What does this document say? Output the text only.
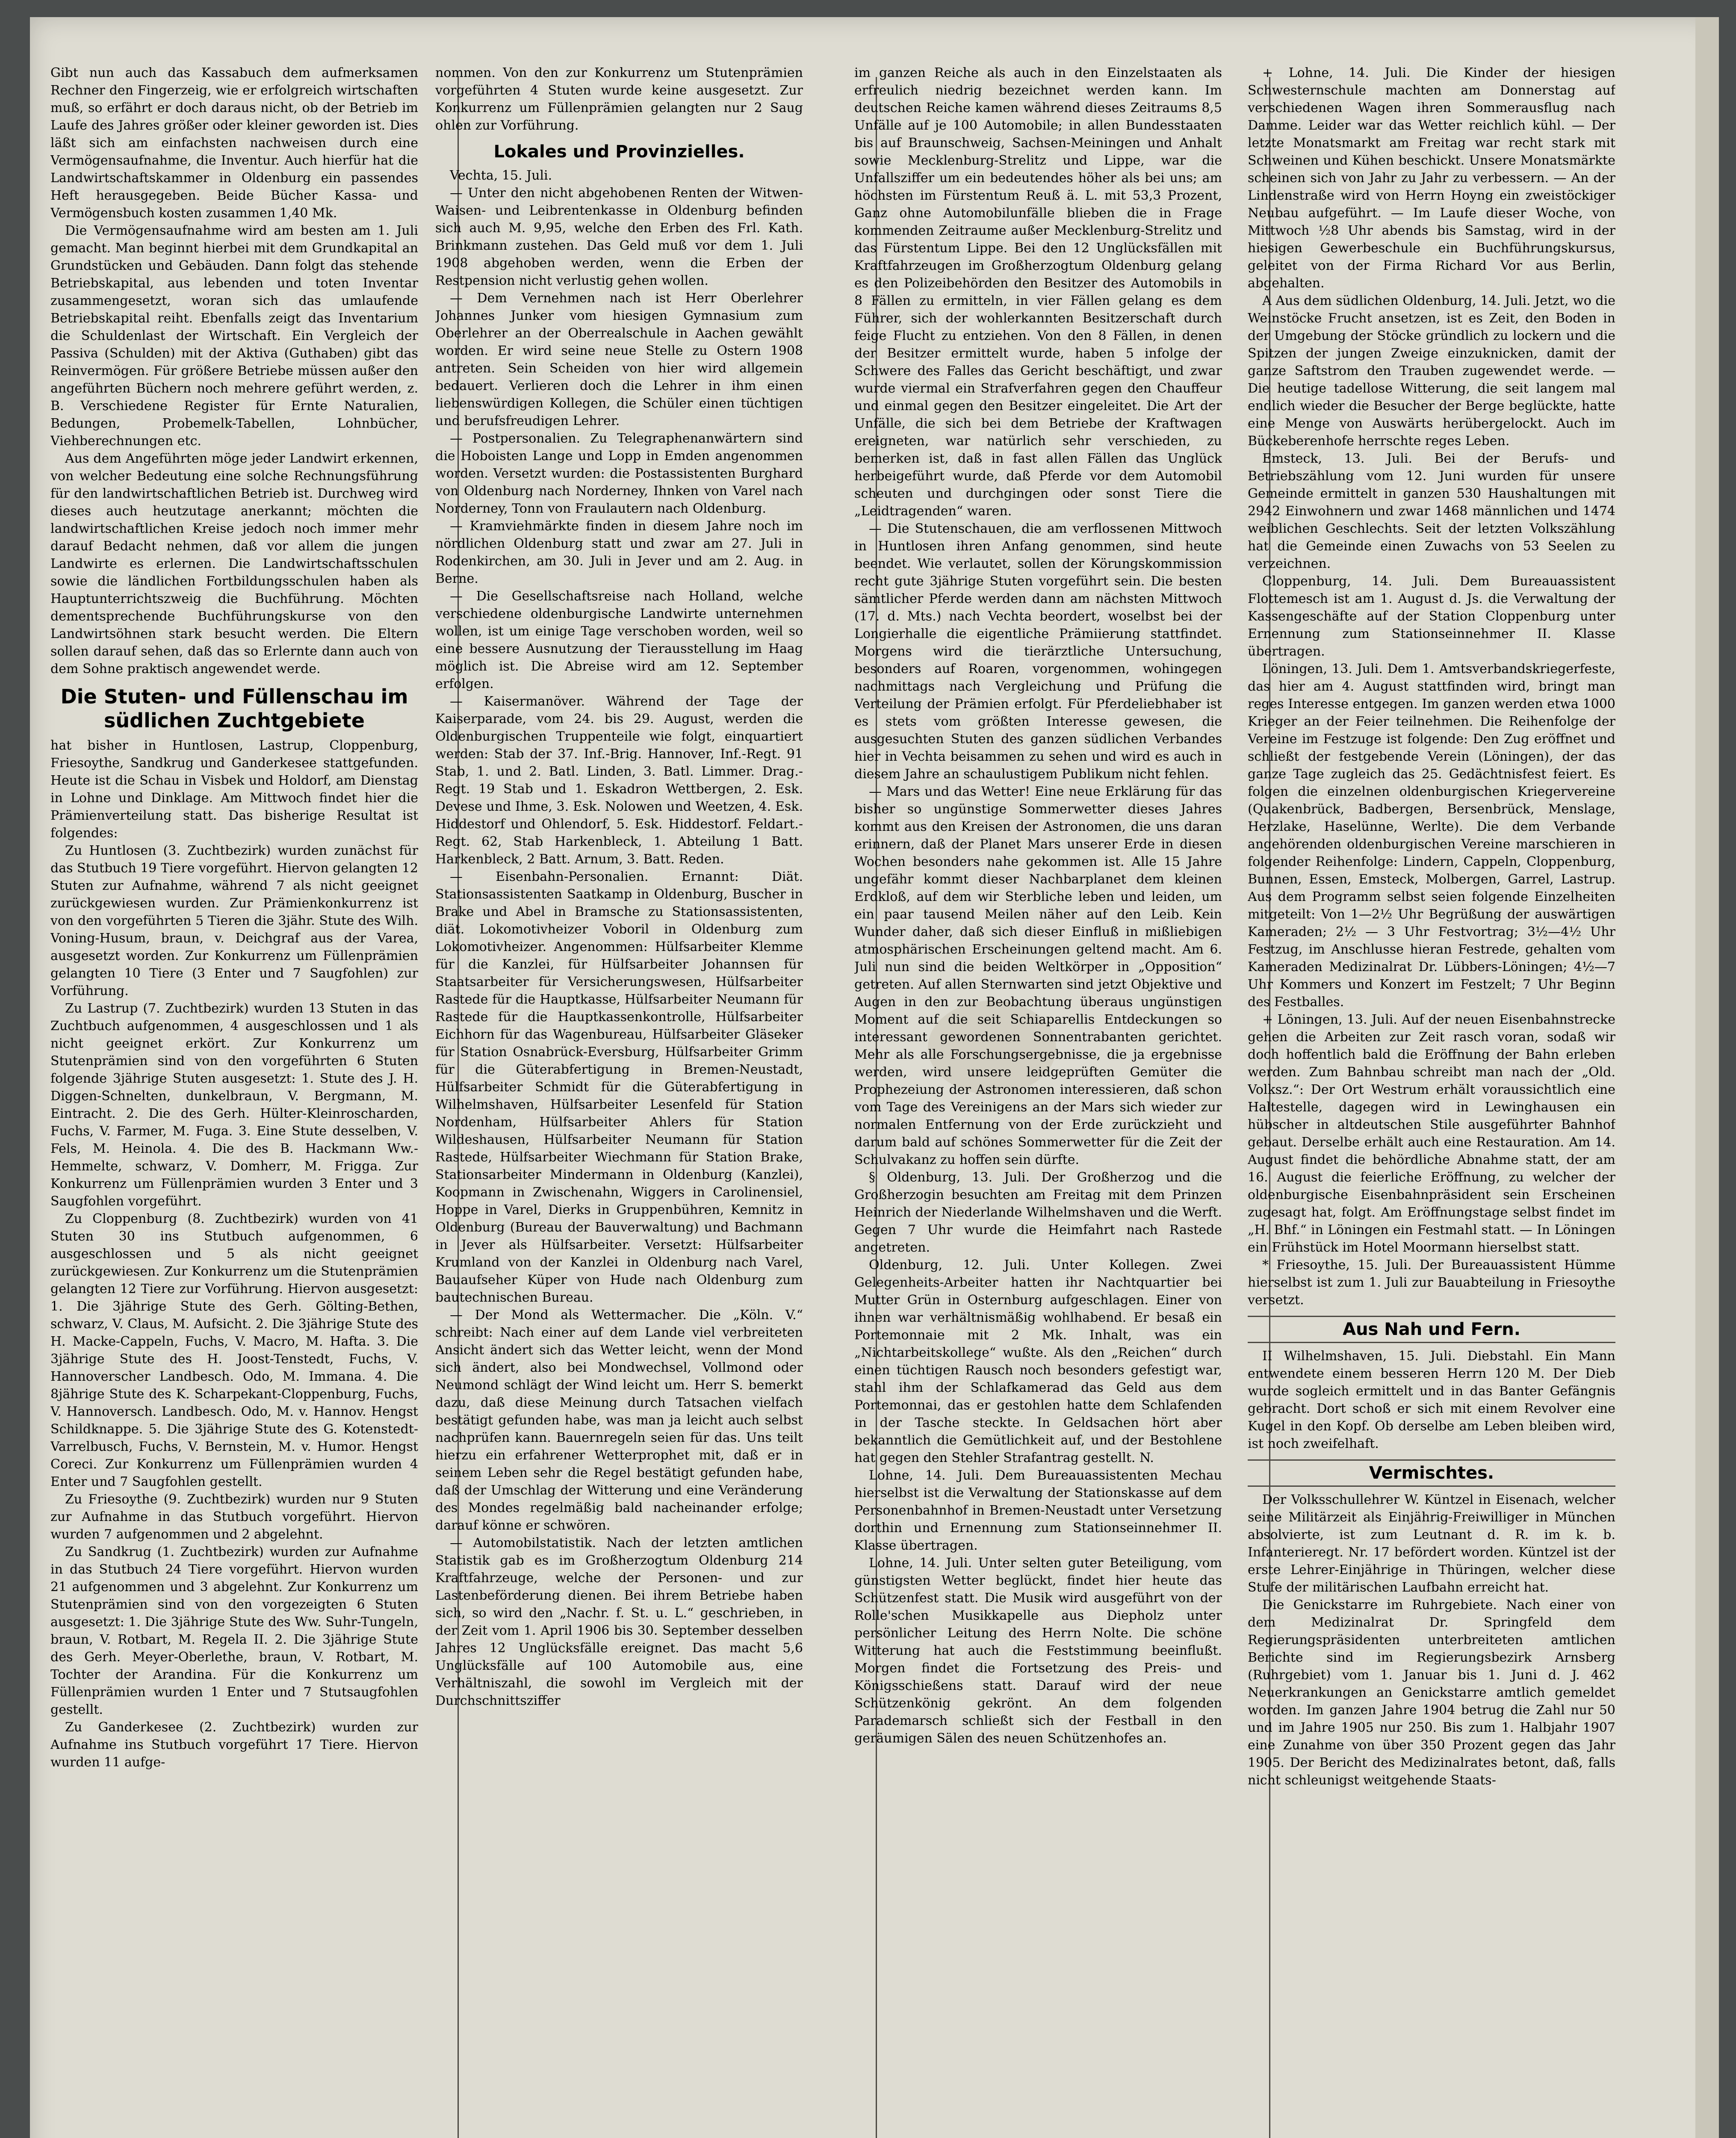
Gibt nun auch das Kassabuch dem aufmerksamen Rechner den Fingerzeig, wie er erfolgreich wirtschaften muß, so erfährt er doch daraus nicht, ob der Betrieb im Laufe des Jahres größer oder kleiner geworden ist. Dies läßt sich am einfachsten nachweisen durch eine Vermögensaufnahme, die Inventur. Auch hierfür hat die Landwirtschaftskammer in Oldenburg ein passendes Heft herausgegeben. Beide Bücher Kassa- und Vermögensbuch kosten zusammen 1,40 Mk.

Die Vermögensaufnahme wird am besten am 1. Juli gemacht. Man beginnt hierbei mit dem Grundkapital an Grundstücken und Gebäuden. Dann folgt das stehende Betriebskapital, aus lebenden und toten Inventar zusammengesetzt, woran sich das umlaufende Betriebskapital reiht. Ebenfalls zeigt das Inventarium die Schuldenlast der Wirtschaft. Ein Vergleich der Passiva (Schulden) mit der Aktiva (Guthaben) gibt das Reinvermögen. Für größere Betriebe müssen außer den angeführten Büchern noch mehrere geführt werden, z. B. Verschiedene Register für Ernte Naturalien, Bedungen, Probemelk-Tabellen, Lohnbücher, Viehberechnungen etc.

Aus dem Angeführten möge jeder Landwirt erkennen, von welcher Bedeutung eine solche Rechnungsführung für den landwirtschaftlichen Betrieb ist. Durchweg wird dieses auch heutzutage anerkannt; möchten die landwirtschaftlichen Kreise jedoch noch immer mehr darauf Bedacht nehmen, daß vor allem die jungen Landwirte es erlernen. Die Landwirtschaftsschulen sowie die ländlichen Fortbildungsschulen haben als Hauptunterrichtszweig die Buchführung. Möchten dementsprechende Buchführungskurse von den Landwirtsöhnen stark besucht werden. Die Eltern sollen darauf sehen, daß das so Erlernte dann auch von dem Sohne praktisch angewendet werde.

Die Stuten- und Füllenschau im südlichen Zuchtgebiete

hat bisher in Huntlosen, Lastrup, Cloppenburg, Friesoythe, Sandkrug und Ganderkesee stattgefunden. Heute ist die Schau in Visbek und Holdorf, am Dienstag in Lohne und Dinklage. Am Mittwoch findet hier die Prämienverteilung statt. Das bisherige Resultat ist folgendes:

Zu Huntlosen (3. Zuchtbezirk) wurden zunächst für das Stutbuch 19 Tiere vorgeführt. Hiervon gelangten 12 Stuten zur Aufnahme, während 7 als nicht geeignet zurückgewiesen wurden. Zur Prämienkonkurrenz ist von den vorgeführten 5 Tieren die 3jähr. Stute des Wilh. Voning-Husum, braun, v. Deichgraf aus der Varea, ausgesetzt worden. Zur Konkurrenz um Füllenprämien gelangten 10 Tiere (3 Enter und 7 Saugfohlen) zur Vorführung.

Zu Lastrup (7. Zuchtbezirk) wurden 13 Stuten in das Zuchtbuch aufgenommen, 4 ausgeschlossen und 1 als nicht geeignet erkört. Zur Konkurrenz um Stutenprämien sind von den vorgeführten 6 Stuten folgende 3jährige Stuten ausgesetzt: 1. Stute des J. H. Diggen-Schnelten, dunkelbraun, V. Bergmann, M. Eintracht. 2. Die des Gerh. Hülter-Kleinroscharden, Fuchs, V. Farmer, M. Fuga. 3. Eine Stute desselben, V. Fels, M. Heinola. 4. Die des B. Hackmann Ww.-Hemmelte, schwarz, V. Domherr, M. Frigga. Zur Konkurrenz um Füllenprämien wurden 3 Enter und 3 Saugfohlen vorgeführt.

Zu Cloppenburg (8. Zuchtbezirk) wurden von 41 Stuten 30 ins Stutbuch aufgenommen, 6 ausgeschlossen und 5 als nicht geeignet zurückgewiesen. Zur Konkurrenz um die Stutenprämien gelangten 12 Tiere zur Vorführung. Hiervon ausgesetzt: 1. Die 3jährige Stute des Gerh. Gölting-Bethen, schwarz, V. Claus, M. Aufsicht. 2. Die 3jährige Stute des H. Macke-Cappeln, Fuchs, V. Macro, M. Hafta. 3. Die 3jährige Stute des H. Joost-Tenstedt, Fuchs, V. Hannoverscher Landbesch. Odo, M. Immana. 4. Die 8jährige Stute des K. Scharpekant-Cloppenburg, Fuchs, V. Hannoversch. Landbesch. Odo, M. v. Hannov. Hengst Schildknappe. 5. Die 3jährige Stute des G. Kotenstedt-Varrelbusch, Fuchs, V. Bernstein, M. v. Humor. Hengst Coreci. Zur Konkurrenz um Füllenprämien wurden 4 Enter und 7 Saugfohlen gestellt.

Zu Friesoythe (9. Zuchtbezirk) wurden nur 9 Stuten zur Aufnahme in das Stutbuch vorgeführt. Hiervon wurden 7 aufgenommen und 2 abgelehnt.

Zu Sandkrug (1. Zuchtbezirk) wurden zur Aufnahme in das Stutbuch 24 Tiere vorgeführt. Hiervon wurden 21 aufgenommen und 3 abgelehnt. Zur Konkurrenz um Stutenprämien sind von den vorgezeigten 6 Stuten ausgesetzt: 1. Die 3jährige Stute des Ww. Suhr-Tungeln, braun, V. Rotbart, M. Regela II. 2. Die 3jährige Stute des Gerh. Meyer-Oberlethe, braun, V. Rotbart, M. Tochter der Arandina. Für die Konkurrenz um Füllenprämien wurden 1 Enter und 7 Stutsaugfohlen gestellt.

Zu Ganderkesee (2. Zuchtbezirk) wurden zur Aufnahme ins Stutbuch vorgeführt 17 Tiere. Hiervon wurden 11 aufge-

nommen. Von den zur Konkurrenz um Stutenprämien vorgeführten 4 Stuten wurde keine ausgesetzt. Zur Konkurrenz um Füllenprämien gelangten nur 2 Saug ohlen zur Vorführung.

Lokales und Provinzielles.

Vechta, 15. Juli.

— Unter den nicht abgehobenen Renten der Witwen-Waisen- und Leibrentenkasse in Oldenburg befinden sich auch M. 9,95, welche den Erben des Frl. Kath. Brinkmann zustehen. Das Geld muß vor dem 1. Juli 1908 abgehoben werden, wenn die Erben der Restpension nicht verlustig gehen wollen.

— Dem Vernehmen nach ist Herr Oberlehrer Johannes Junker vom hiesigen Gymnasium zum Oberlehrer an der Oberrealschule in Aachen gewählt worden. Er wird seine neue Stelle zu Ostern 1908 antreten. Sein Scheiden von hier wird allgemein bedauert. Verlieren doch die Lehrer in ihm einen liebenswürdigen Kollegen, die Schüler einen tüchtigen und berufsfreudigen Lehrer.

— Postpersonalien. Zu Telegraphenanwärtern sind die Hoboisten Lange und Lopp in Emden angenommen worden. Versetzt wurden: die Postassistenten Burghard von Oldenburg nach Norderney, Ihnken von Varel nach Norderney, Tonn von Fraulautern nach Oldenburg.

— Kramviehmärkte finden in diesem Jahre noch im nördlichen Oldenburg statt und zwar am 27. Juli in Rodenkirchen, am 30. Juli in Jever und am 2. Aug. in Berne.

— Die Gesellschaftsreise nach Holland, welche verschiedene oldenburgische Landwirte unternehmen wollen, ist um einige Tage verschoben worden, weil so eine bessere Ausnutzung der Tierausstellung im Haag möglich ist. Die Abreise wird am 12. September erfolgen.

— Kaisermanöver. Während der Tage der Kaiserparade, vom 24. bis 29. August, werden die Oldenburgischen Truppenteile wie folgt, einquartiert werden: Stab der 37. Inf.-Brig. Hannover, Inf.-Regt. 91 Stab, 1. und 2. Batl. Linden, 3. Batl. Limmer. Drag.-Regt. 19 Stab und 1. Eskadron Wettbergen, 2. Esk. Devese und Ihme, 3. Esk. Nolowen und Weetzen, 4. Esk. Hiddestorf und Ohlendorf, 5. Esk. Hiddestorf. Feldart.-Regt. 62, Stab Harkenbleck, 1. Abteilung 1 Batt. Harkenbleck, 2 Batt. Arnum, 3. Batt. Reden.

— Eisenbahn-Personalien. Ernannt: Diät. Stationsassistenten Saatkamp in Oldenburg, Buscher in Brake und Abel in Bramsche zu Stationsassistenten, diät. Lokomotivheizer Voboril in Oldenburg zum Lokomotivheizer. Angenommen: Hülfsarbeiter Klemme für die Kanzlei, für Hülfsarbeiter Johannsen für Staatsarbeiter für Versicherungswesen, Hülfsarbeiter Rastede für die Hauptkasse, Hülfsarbeiter Neumann für Rastede für die Hauptkassenkontrolle, Hülfsarbeiter Eichhorn für das Wagenbureau, Hülfsarbeiter Gläseker für Station Osnabrück-Eversburg, Hülfsarbeiter Grimm für die Güterabfertigung in Bremen-Neustadt, Hülfsarbeiter Schmidt für die Güterabfertigung in Wilhelmshaven, Hülfsarbeiter Lesenfeld für Station Nordenham, Hülfsarbeiter Ahlers für Station Wildeshausen, Hülfsarbeiter Neumann für Station Rastede, Hülfsarbeiter Wiechmann für Station Brake, Stationsarbeiter Mindermann in Oldenburg (Kanzlei), Koopmann in Zwischenahn, Wiggers in Carolinensiel, Hoppe in Varel, Dierks in Gruppenbühren, Kemnitz in Oldenburg (Bureau der Bauverwaltung) und Bachmann in Jever als Hülfsarbeiter. Versetzt: Hülfsarbeiter Krumland von der Kanzlei in Oldenburg nach Varel, Bauaufseher Küper von Hude nach Oldenburg zum bautechnischen Bureau.

— Der Mond als Wettermacher. Die „Köln. V.“ schreibt: Nach einer auf dem Lande viel verbreiteten Ansicht ändert sich das Wetter leicht, wenn der Mond sich ändert, also bei Mondwechsel, Vollmond oder Neumond schlägt der Wind leicht um. Herr S. bemerkt dazu, daß diese Meinung durch Tatsachen vielfach bestätigt gefunden habe, was man ja leicht auch selbst nachprüfen kann. Bauernregeln seien für das. Uns teilt hierzu ein erfahrener Wetterprophet mit, daß er in seinem Leben sehr die Regel bestätigt gefunden habe, daß der Umschlag der Witterung und eine Veränderung des Mondes regelmäßig bald nacheinander erfolge; darauf könne er schwören.

— Automobilstatistik. Nach der letzten amtlichen Statistik gab es im Großherzogtum Oldenburg 214 Kraftfahrzeuge, welche der Personen- und zur Lastenbeförderung dienen. Bei ihrem Betriebe haben sich, so wird den „Nachr. f. St. u. L.“ geschrieben, in der Zeit vom 1. April 1906 bis 30. September desselben Jahres 12 Unglücksfälle ereignet. Das macht 5,6 Unglücksfälle auf 100 Automobile aus, eine Verhältniszahl, die sowohl im Vergleich mit der Durchschnittsziffer

im ganzen Reiche als auch in den Einzelstaaten als erfreulich niedrig bezeichnet werden kann. Im deutschen Reiche kamen während dieses Zeitraums 8,5 Unfälle auf je 100 Automobile; in allen Bundesstaaten bis auf Braunschweig, Sachsen-Meiningen und Anhalt sowie Mecklenburg-Strelitz und Lippe, war die Unfallsziffer um ein bedeutendes höher als bei uns; am höchsten im Fürstentum Reuß ä. L. mit 53,3 Prozent, Ganz ohne Automobilunfälle blieben die in Frage kommenden Zeitraume außer Mecklenburg-Strelitz und das Fürstentum Lippe. Bei den 12 Unglücksfällen mit Kraftfahrzeugen im Großherzogtum Oldenburg gelang es den Polizeibehörden den Besitzer des Automobils in 8 Fällen zu ermitteln, in vier Fällen gelang es dem Führer, sich der wohlerkannten Besitzerschaft durch feige Flucht zu entziehen. Von den 8 Fällen, in denen der Besitzer ermittelt wurde, haben 5 infolge der Schwere des Falles das Gericht beschäftigt, und zwar wurde viermal ein Strafverfahren gegen den Chauffeur und einmal gegen den Besitzer eingeleitet. Die Art der Unfälle, die sich bei dem Betriebe der Kraftwagen ereigneten, war natürlich sehr verschieden, zu bemerken ist, daß in fast allen Fällen das Unglück herbeigeführt wurde, daß Pferde vor dem Automobil scheuten und durchgingen oder sonst Tiere die „Leidtragenden“ waren.

— Die Stutenschauen, die am verflossenen Mittwoch in Huntlosen ihren Anfang genommen, sind heute beendet. Wie verlautet, sollen der Körungskommission recht gute 3jährige Stuten vorgeführt sein. Die besten sämtlicher Pferde werden dann am nächsten Mittwoch (17. d. Mts.) nach Vechta beordert, woselbst bei der Longierhalle die eigentliche Prämiierung stattfindet. Morgens wird die tierärztliche Untersuchung, besonders auf Roaren, vorgenommen, wohingegen nachmittags nach Vergleichung und Prüfung die Verteilung der Prämien erfolgt. Für Pferdeliebhaber ist es stets vom größten Interesse gewesen, die ausgesuchten Stuten des ganzen südlichen Verbandes hier in Vechta beisammen zu sehen und wird es auch in diesem Jahre an schaulustigem Publikum nicht fehlen.

— Mars und das Wetter! Eine neue Erklärung für das bisher so ungünstige Sommerwetter dieses Jahres kommt aus den Kreisen der Astronomen, die uns daran erinnern, daß der Planet Mars unserer Erde in diesen Wochen besonders nahe gekommen ist. Alle 15 Jahre ungefähr kommt dieser Nachbarplanet dem kleinen Erdkloß, auf dem wir Sterbliche leben und leiden, um ein paar tausend Meilen näher auf den Leib. Kein Wunder daher, daß sich dieser Einfluß in mißliebigen atmosphärischen Erscheinungen geltend macht. Am 6. Juli nun sind die beiden Weltkörper in „Opposition“ getreten. Auf allen Sternwarten sind jetzt Objektive und Augen in den zur Beobachtung überaus ungünstigen Moment auf die seit Schiaparellis Entdeckungen so interessant gewordenen Sonnentrabanten gerichtet. Mehr als alle Forschungsergebnisse, die ja ergebnisse werden, wird unsere leidgeprüften Gemüter die Prophezeiung der Astronomen interessieren, daß schon vom Tage des Vereinigens an der Mars sich wieder zur normalen Entfernung von der Erde zurückzieht und darum bald auf schönes Sommerwetter für die Zeit der Schulvakanz zu hoffen sein dürfte.

§ Oldenburg, 13. Juli. Der Großherzog und die Großherzogin besuchten am Freitag mit dem Prinzen Heinrich der Niederlande Wilhelmshaven und die Werft. Gegen 7 Uhr wurde die Heimfahrt nach Rastede angetreten.

Oldenburg, 12. Juli. Unter Kollegen. Zwei Gelegenheits-Arbeiter hatten ihr Nachtquartier bei Mutter Grün in Osternburg aufgeschlagen. Einer von ihnen war verhältnismäßig wohlhabend. Er besaß ein Portemonnaie mit 2 Mk. Inhalt, was ein „Nichtarbeitskollege“ wußte. Als den „Reichen“ durch einen tüchtigen Rausch noch besonders gefestigt war, stahl ihm der Schlafkamerad das Geld aus dem Portemonnai, das er gestohlen hatte dem Schlafenden in der Tasche steckte. In Geldsachen hört aber bekanntlich die Gemütlichkeit auf, und der Bestohlene hat gegen den Stehler Strafantrag gestellt. N.

Lohne, 14. Juli. Dem Bureauassistenten Mechau hierselbst ist die Verwaltung der Stationskasse auf dem Personenbahnhof in Bremen-Neustadt unter Versetzung dorthin und Ernennung zum Stationseinnehmer II. Klasse übertragen.

Lohne, 14. Juli. Unter selten guter Beteiligung, vom günstigsten Wetter beglückt, findet hier heute das Schützenfest statt. Die Musik wird ausgeführt von der Rolle'schen Musikkapelle aus Diepholz unter persönlicher Leitung des Herrn Nolte. Die schöne Witterung hat auch die Feststimmung beeinflußt. Morgen findet die Fortsetzung des Preis- und Königsschießens statt. Darauf wird der neue Schützenkönig gekrönt. An dem folgenden Parademarsch schließt sich der Festball in den geräumigen Sälen des neuen Schützenhofes an.

+ Lohne, 14. Juli. Die Kinder der hiesigen Schwesternschule machten am Donnerstag auf verschiedenen Wagen ihren Sommerausflug nach Damme. Leider war das Wetter reichlich kühl. — Der letzte Monatsmarkt am Freitag war recht stark mit Schweinen und Kühen beschickt. Unsere Monatsmärkte scheinen sich von Jahr zu Jahr zu verbessern. — An der Lindenstraße wird von Herrn Hoyng ein zweistöckiger Neubau aufgeführt. — Im Laufe dieser Woche, von Mittwoch ½8 Uhr abends bis Samstag, wird in der hiesigen Gewerbeschule ein Buchführungskursus, geleitet von der Firma Richard Vor aus Berlin, abgehalten.

A Aus dem südlichen Oldenburg, 14. Juli. Jetzt, wo die Weinstöcke Frucht ansetzen, ist es Zeit, den Boden in der Umgebung der Stöcke gründlich zu lockern und die Spitzen der jungen Zweige einzuknicken, damit der ganze Saftstrom den Trauben zugewendet werde. — Die heutige tadellose Witterung, die seit langem mal endlich wieder die Besucher der Berge beglückte, hatte eine Menge von Auswärts herübergelockt. Auch im Bückeberenhofe herrschte reges Leben.

Emsteck, 13. Juli. Bei der Berufs- und Betriebszählung vom 12. Juni wurden für unsere Gemeinde ermittelt in ganzen 530 Haushaltungen mit 2942 Einwohnern und zwar 1468 männlichen und 1474 weiblichen Geschlechts. Seit der letzten Volkszählung hat die Gemeinde einen Zuwachs von 53 Seelen zu verzeichnen.

Cloppenburg, 14. Juli. Dem Bureauassistent Flottemesch ist am 1. August d. Js. die Verwaltung der Kassengeschäfte auf der Station Cloppenburg unter Ernennung zum Stationseinnehmer II. Klasse übertragen.

Löningen, 13. Juli. Dem 1. Amtsverbandskriegerfeste, das hier am 4. August stattfinden wird, bringt man reges Interesse entgegen. Im ganzen werden etwa 1000 Krieger an der Feier teilnehmen. Die Reihenfolge der Vereine im Festzuge ist folgende: Den Zug eröffnet und schließt der festgebende Verein (Löningen), der das ganze Tage zugleich das 25. Gedächtnisfest feiert. Es folgen die einzelnen oldenburgischen Kriegervereine (Quakenbrück, Badbergen, Bersenbrück, Menslage, Herzlake, Haselünne, Werlte). Die dem Verbande angehörenden oldenburgischen Vereine marschieren in folgender Reihenfolge: Lindern, Cappeln, Cloppenburg, Bunnen, Essen, Emsteck, Molbergen, Garrel, Lastrup. Aus dem Programm selbst seien folgende Einzelheiten mitgeteilt: Von 1—2½ Uhr Begrüßung der auswärtigen Kameraden; 2½ — 3 Uhr Festvortrag; 3½—4½ Uhr Festzug, im Anschlusse hieran Festrede, gehalten vom Kameraden Medizinalrat Dr. Lübbers-Löningen; 4½—7 Uhr Kommers und Konzert im Festzelt; 7 Uhr Beginn des Festballes.

+ Löningen, 13. Juli. Auf der neuen Eisenbahnstrecke gehen die Arbeiten zur Zeit rasch voran, sodaß wir doch hoffentlich bald die Eröffnung der Bahn erleben werden. Zum Bahnbau schreibt man nach der „Old. Volksz.“: Der Ort Westrum erhält voraussichtlich eine Haltestelle, dagegen wird in Lewinghausen ein hübscher in altdeutschen Stile ausgeführter Bahnhof gebaut. Derselbe erhält auch eine Restauration. Am 14. August findet die behördliche Abnahme statt, der am 16. August die feierliche Eröffnung, zu welcher der oldenburgische Eisenbahnpräsident sein Erscheinen zugesagt hat, folgt. Am Eröffnungstage selbst findet im „H. Bhf.“ in Löningen ein Festmahl statt. — In Löningen ein Frühstück im Hotel Moormann hierselbst statt.

* Friesoythe, 15. Juli. Der Bureauassistent Hümme hierselbst ist zum 1. Juli zur Bauabteilung in Friesoythe versetzt.

Aus Nah und Fern.

II Wilhelmshaven, 15. Juli. Diebstahl. Ein Mann entwendete einem besseren Herrn 120 M. Der Dieb wurde sogleich ermittelt und in das Banter Gefängnis gebracht. Dort schoß er sich mit einem Revolver eine Kugel in den Kopf. Ob derselbe am Leben bleiben wird, ist noch zweifelhaft.

Vermischtes.

Der Volksschullehrer W. Küntzel in Eisenach, welcher seine Militärzeit als Einjährig-Freiwilliger in München absolvierte, ist zum Leutnant d. R. im k. b. Infanterieregt. Nr. 17 befördert worden. Küntzel ist der erste Lehrer-Einjährige in Thüringen, welcher diese Stufe der militärischen Laufbahn erreicht hat.

Die Genickstarre im Ruhrgebiete. Nach einer von dem Medizinalrat Dr. Springfeld dem Regierungspräsidenten unterbreiteten amtlichen Berichte sind im Regierungsbezirk Arnsberg (Ruhrgebiet) vom 1. Januar bis 1. Juni d. J. 462 Neuerkrankungen an Genickstarre amtlich gemeldet worden. Im ganzen Jahre 1904 betrug die Zahl nur 50 und im Jahre 1905 nur 250. Bis zum 1. Halbjahr 1907 eine Zunahme von über 350 Prozent gegen das Jahr 1905. Der Bericht des Medizinalrates betont, daß, falls nicht schleunigst weitgehende Staats-
